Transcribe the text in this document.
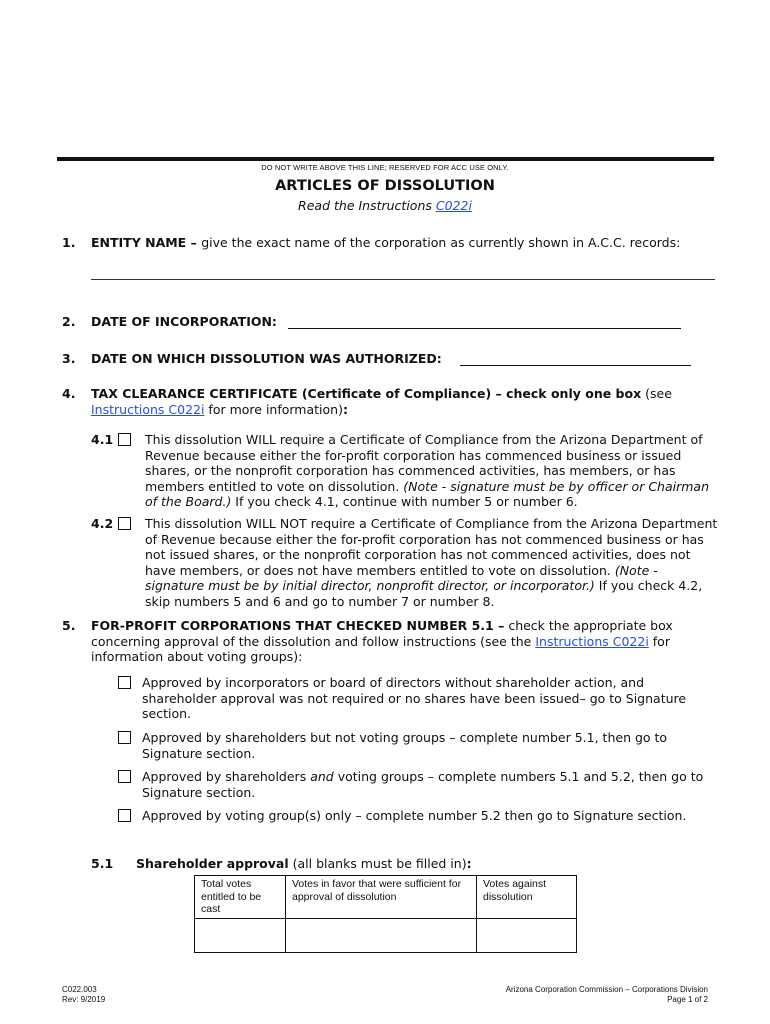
DO NOT WRITE ABOVE THIS LINE; RESERVED FOR ACC USE ONLY.
ARTICLES OF DISSOLUTION
Read the Instructions C022i
1. ENTITY NAME – give the exact name of the corporation as currently shown in A.C.C. records:
2. DATE OF INCORPORATION:
3. DATE ON WHICH DISSOLUTION WAS AUTHORIZED:
4. TAX CLEARANCE CERTIFICATE (Certificate of Compliance) – check only one box (see
Instructions C022i for more information):
4.1	This dissolution WILL require a Certificate of Compliance from the Arizona Department of Revenue because either the for-profit corporation has commenced business or issued shares, or the nonprofit corporation has commenced activities, has members, or has members entitled to vote on dissolution. (Note - signature must be by officer or Chairman of the Board.) If you check 4.1, continue with number 5 or number 6.
4.2	This dissolution WILL NOT require a Certificate of Compliance from the Arizona Department of Revenue because either the for-profit corporation has not commenced business or has not issued shares, or the nonprofit corporation has not commenced activities, does not have members, or does not have members entitled to vote on dissolution. (Note - signature must be by initial director, nonprofit director, or incorporator.) If you check 4.2, skip numbers 5 and 6 and go to number 7 or number 8.
5. FOR-PROFIT CORPORATIONS THAT CHECKED NUMBER 5.1 – check the appropriate box concerning approval of the dissolution and follow instructions (see the Instructions C022i for information about voting groups):
Approved by incorporators or board of directors without shareholder action, and shareholder approval was not required or no shares have been issued– go to Signature section.
Approved by shareholders but not voting groups – complete number 5.1, then go to Signature section.
Approved by shareholders and voting groups – complete numbers 5.1 and 5.2, then go to Signature section.
Approved by voting group(s) only – complete number 5.2 then go to Signature section.
5.1 Shareholder approval (all blanks must be filled in):
Total votes entitled to be cast	Votes in favor that were sufficient for approval of dissolution	Votes against dissolution

C022.003
Rev: 9/2019
Arizona Corporation Commission – Corporations Division
Page 1 of 2
